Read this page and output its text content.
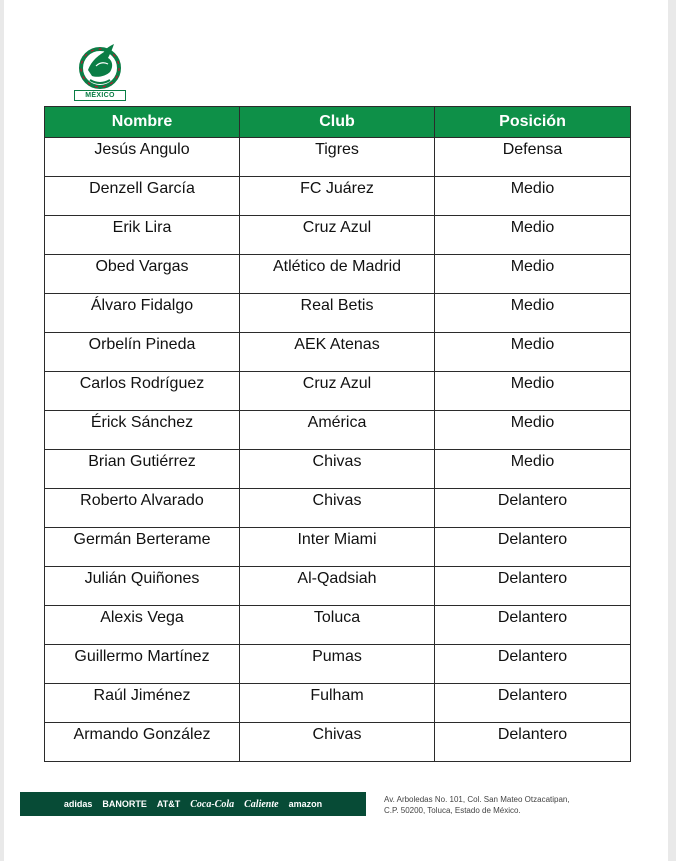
MÉXICO
Nombre	Club	Posición
Jesús Angulo	Tigres	Defensa
Denzell García	FC Juárez	Medio
Erik Lira	Cruz Azul	Medio
Obed Vargas	Atlético de Madrid	Medio
Álvaro Fidalgo	Real Betis	Medio
Orbelín Pineda	AEK Atenas	Medio
Carlos Rodríguez	Cruz Azul	Medio
Érick Sánchez	América	Medio
Brian Gutiérrez	Chivas	Medio
Roberto Alvarado	Chivas	Delantero
Germán Berterame	Inter Miami	Delantero
Julián Quiñones	Al-Qadsiah	Delantero
Alexis Vega	Toluca	Delantero
Guillermo Martínez	Pumas	Delantero
Raúl Jiménez	Fulham	Delantero
Armando González	Chivas	Delantero
adidas BANORTE AT&T Coca-Cola Caliente amazon	Av. Arboledas No. 101, Col. San Mateo Otzacatipan,
C.P. 50200, Toluca, Estado de México.
